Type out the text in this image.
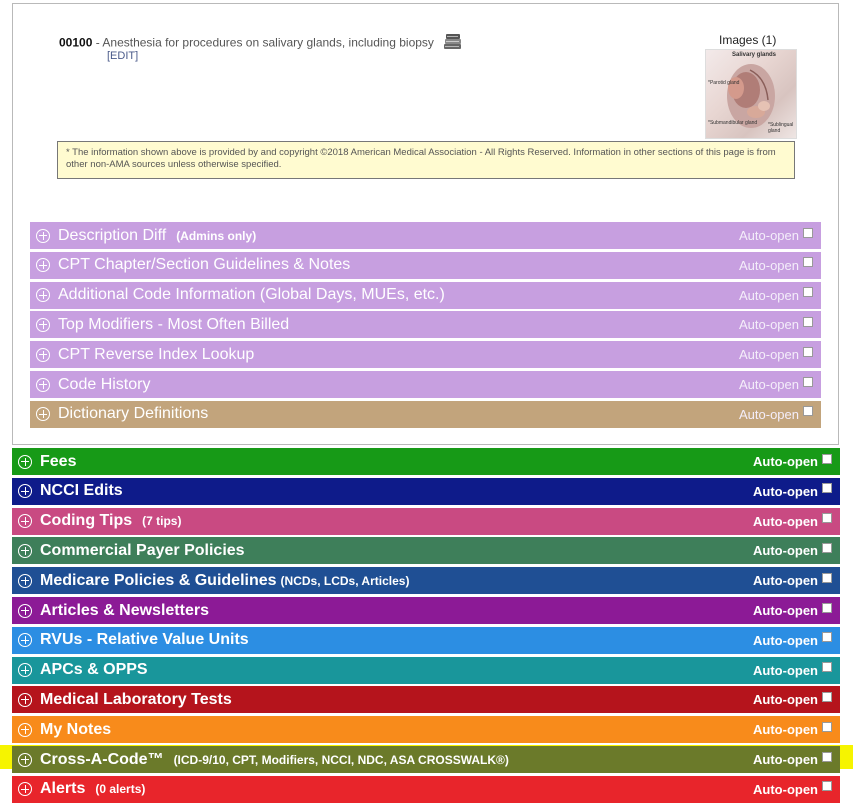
00100 - Anesthesia for procedures on salivary glands, including biopsy
[EDIT]
Images (1)
Salivary glands
*Parotid gland
*Submandibular gland *Sublingual gland
* The information shown above is provided by and copyright ©2018 American Medical Association - All Rights Reserved. Information in other sections of this page is from other non-AMA sources unless otherwise specified.
Description Diff (Admins only)	Auto-open
CPT Chapter/Section Guidelines & Notes	Auto-open
Additional Code Information (Global Days, MUEs, etc.)	Auto-open
Top Modifiers - Most Often Billed	Auto-open
CPT Reverse Index Lookup	Auto-open
Code History	Auto-open
Dictionary Definitions	Auto-open
Fees	Auto-open
NCCI Edits	Auto-open
Coding Tips (7 tips)	Auto-open
Commercial Payer Policies	Auto-open
Medicare Policies & Guidelines (NCDs, LCDs, Articles)	Auto-open
Articles & Newsletters	Auto-open
RVUs - Relative Value Units	Auto-open
APCs & OPPS	Auto-open
Medical Laboratory Tests	Auto-open
My Notes	Auto-open
Cross-A-Code™ (ICD-9/10, CPT, Modifiers, NCCI, NDC, ASA CROSSWALK®)	Auto-open
Alerts (0 alerts)	Auto-open
